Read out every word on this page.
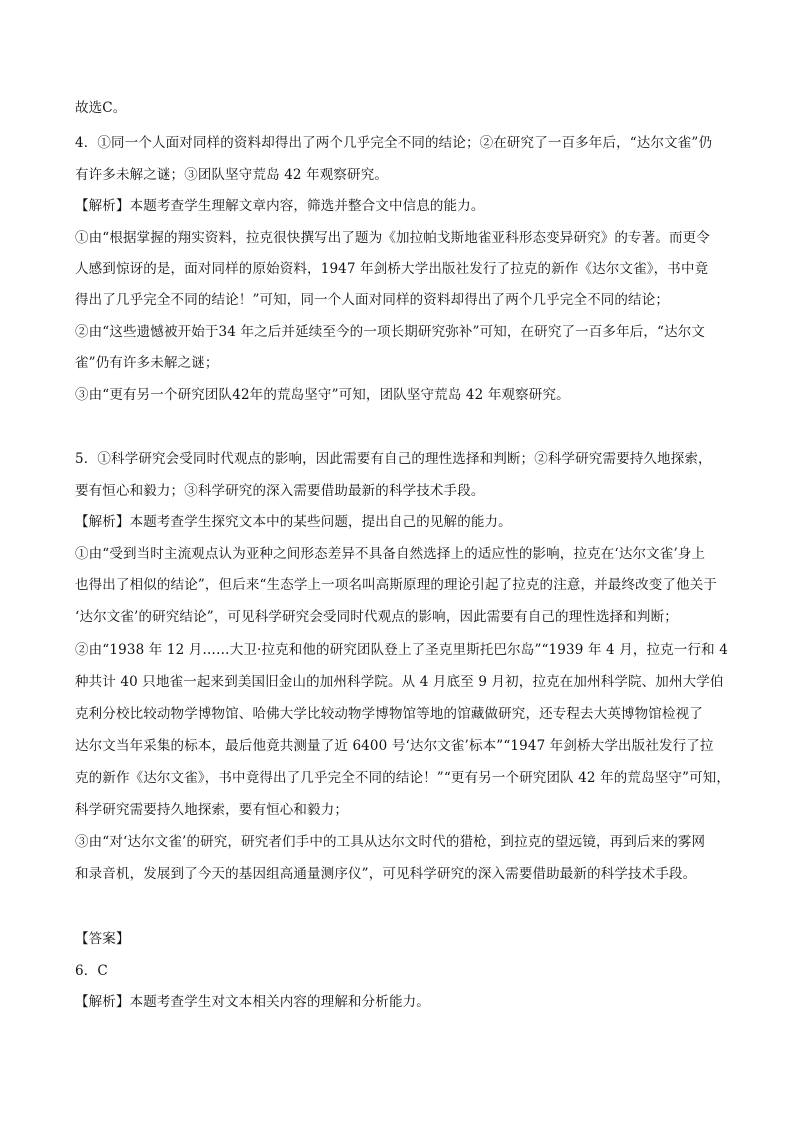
故选C。
4．①同一个人面对同样的资料却得出了两个几乎完全不同的结论；②在研究了一百多年后，“达尔文雀”仍
有许多未解之谜；③团队坚守荒岛 42 年观察研究。
【解析】本题考查学生理解文章内容，筛选并整合文中信息的能力。
①由“根据掌握的翔实资料，拉克很快撰写出了题为《加拉帕戈斯地雀亚科形态变异研究》的专著。而更令
人感到惊讶的是，面对同样的原始资料，1947 年剑桥大学出版社发行了拉克的新作《达尔文雀》，书中竟
得出了几乎完全不同的结论！”可知，同一个人面对同样的资料却得出了两个几乎完全不同的结论；
②由“这些遗憾被开始于34 年之后并延续至今的一项长期研究弥补”可知，在研究了一百多年后，“达尔文
雀”仍有许多未解之谜；
③由“更有另一个研究团队42年的荒岛坚守”可知，团队坚守荒岛 42 年观察研究。
5．①科学研究会受同时代观点的影响，因此需要有自己的理性选择和判断；②科学研究需要持久地探索，
要有恒心和毅力；③科学研究的深入需要借助最新的科学技术手段。
【解析】本题考查学生探究文本中的某些问题，提出自己的见解的能力。
①由“受到当时主流观点认为亚种之间形态差异不具备自然选择上的适应性的影响，拉克在‘达尔文雀’身上
也得出了相似的结论”，但后来“生态学上一项名叫高斯原理的理论引起了拉克的注意，并最终改变了他关于
‘达尔文雀’的研究结论”，可见科学研究会受同时代观点的影响，因此需要有自己的理性选择和判断；
②由“1938 年 12 月……大卫·拉克和他的研究团队登上了圣克里斯托巴尔岛”“1939 年 4 月，拉克一行和 4
种共计 40 只地雀一起来到美国旧金山的加州科学院。从 4 月底至 9 月初，拉克在加州科学院、加州大学伯
克利分校比较动物学博物馆、哈佛大学比较动物学博物馆等地的馆藏做研究，还专程去大英博物馆检视了
达尔文当年采集的标本，最后他竟共测量了近 6400 号‘达尔文雀’标本”“1947 年剑桥大学出版社发行了拉
克的新作《达尔文雀》，书中竟得出了几乎完全不同的结论！”“更有另一个研究团队 42 年的荒岛坚守”可知，
科学研究需要持久地探索，要有恒心和毅力；
③由“对‘达尔文雀’的研究，研究者们手中的工具从达尔文时代的猎枪，到拉克的望远镜，再到后来的雾网
和录音机，发展到了今天的基因组高通量测序仪”，可见科学研究的深入需要借助最新的科学技术手段。
【答案】
6．C
【解析】本题考查学生对文本相关内容的理解和分析能力。
